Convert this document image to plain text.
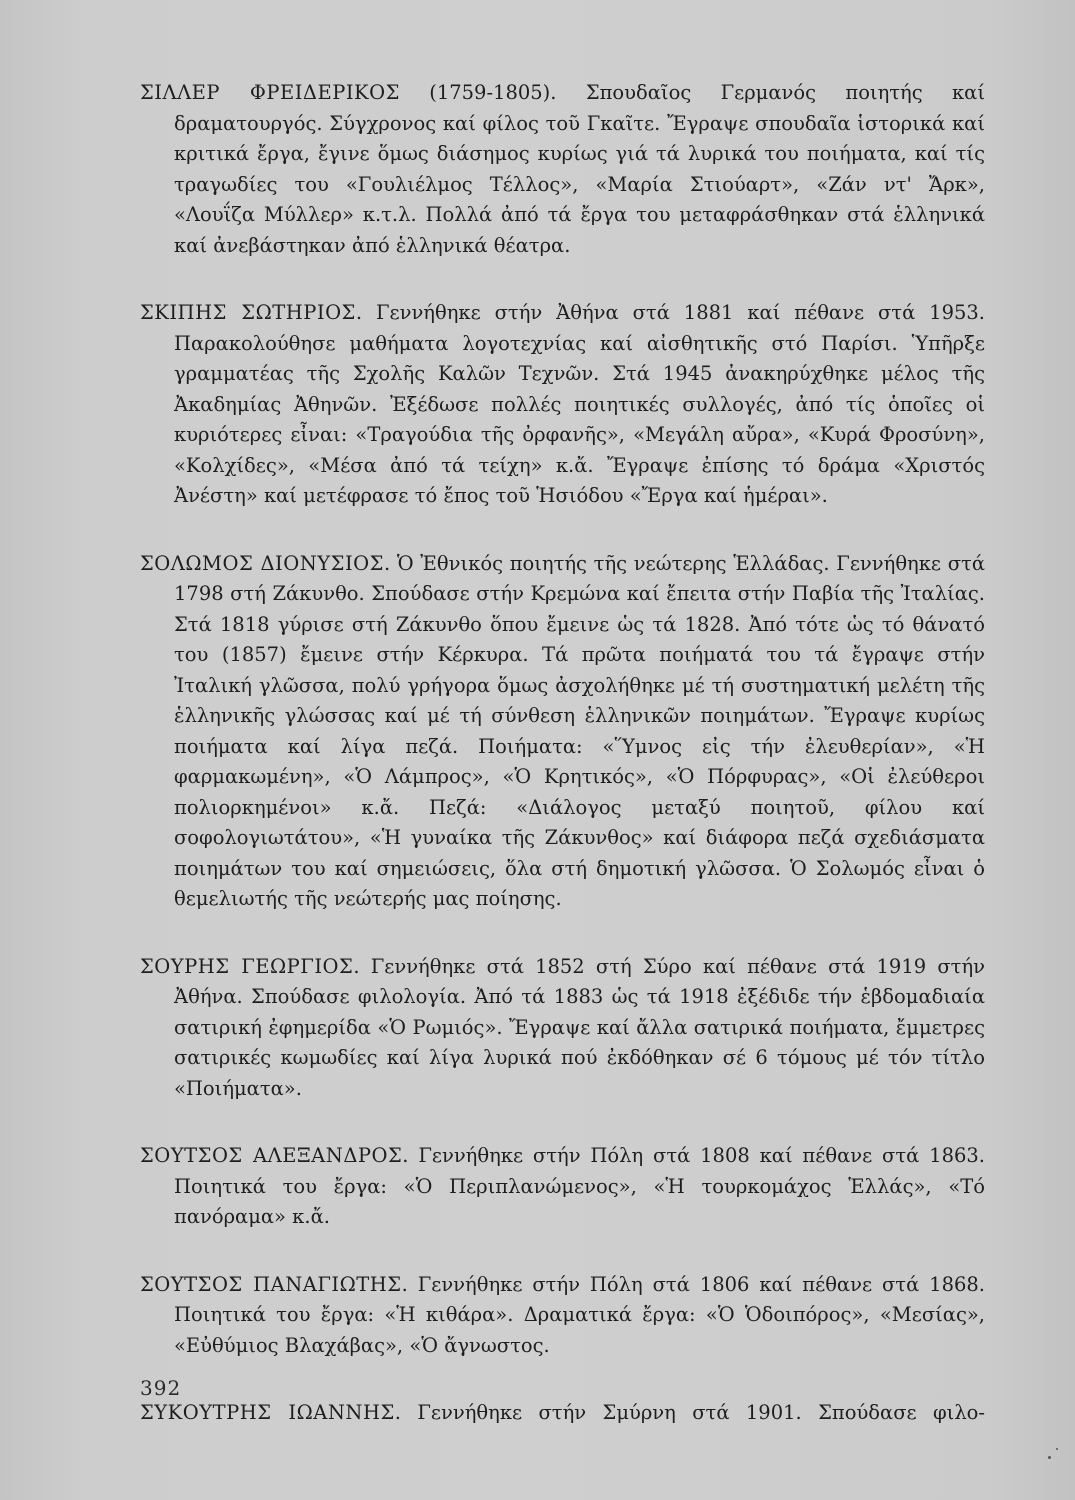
ΣΙΛΛΕΡ ΦΡΕΙΔΕΡΙΚΟΣ (1759-1805). Σπουδαῖος Γερμανός ποιητής καί δραματουργός. Σύγχρονος καί φίλος τοῦ Γκαῖτε. Ἔγραψε σπουδαῖα ἱστορικά καί κριτικά ἔργα, ἔγινε ὅμως διάσημος κυρίως γιά τά λυρικά του ποιήματα, καί τίς τραγωδίες του «Γουλιέλμος Τέλλος», «Μαρία Στιούαρτ», «Ζάν ντ' Ἄρκ», «Λουΐζα Μύλλερ» κ.τ.λ. Πολλά ἀπό τά ἔργα του μεταφράσθηκαν στά ἑλληνικά καί ἀνεβάστηκαν ἀπό ἑλληνικά θέατρα.

ΣΚΙΠΗΣ ΣΩΤΗΡΙΟΣ. Γεννήθηκε στήν Ἀθήνα στά 1881 καί πέθανε στά 1953. Παρακολούθησε μαθήματα λογοτεχνίας καί αἰσθητικῆς στό Παρίσι. Ὑπῆρξε γραμματέας τῆς Σχολῆς Καλῶν Τεχνῶν. Στά 1945 ἀνακηρύχθηκε μέλος τῆς Ἀκαδημίας Ἀθηνῶν. Ἐξέδωσε πολλές ποιητικές συλλογές, ἀπό τίς ὁποῖες οἱ κυριότερες εἶναι: «Τραγούδια τῆς ὀρφανῆς», «Μεγάλη αὔρα», «Κυρά Φροσύνη», «Κολχίδες», «Μέσα ἀπό τά τείχη» κ.ἄ. Ἔγραψε ἐπίσης τό δράμα «Χριστός Ἀνέστη» καί μετέφρασε τό ἔπος τοῦ Ἡσιόδου «Ἔργα καί ἡμέραι».

ΣΟΛΩΜΟΣ ΔΙΟΝΥΣΙΟΣ. Ὁ Ἐθνικός ποιητής τῆς νεώτερης Ἑλλάδας. Γεννήθηκε στά 1798 στή Ζάκυνθο. Σπούδασε στήν Κρεμώνα καί ἔπειτα στήν Παβία τῆς Ἰταλίας. Στά 1818 γύρισε στή Ζάκυνθο ὅπου ἔμεινε ὡς τά 1828. Ἀπό τότε ὡς τό θάνατό του (1857) ἔμεινε στήν Κέρκυρα. Τά πρῶτα ποιήματά του τά ἔγραψε στήν Ἰταλική γλῶσσα, πολύ γρήγορα ὅμως ἀσχολήθηκε μέ τή συστηματική μελέτη τῆς ἑλληνικῆς γλώσσας καί μέ τή σύνθεση ἑλληνικῶν ποιημάτων. Ἔγραψε κυρίως ποιήματα καί λίγα πεζά. Ποιήματα: «Ὕμνος εἰς τήν ἐλευθερίαν», «Ἡ φαρμακωμένη», «Ὁ Λάμπρος», «Ὁ Κρητικός», «Ὁ Πόρφυρας», «Οἱ ἐλεύθεροι πολιορκημένοι» κ.ἄ. Πεζά: «Διάλογος μεταξύ ποιητοῦ, φίλου καί σοφολογιωτάτου», «Ἡ γυναίκα τῆς Ζάκυνθος» καί διάφορα πεζά σχεδιάσματα ποιημάτων του καί σημειώσεις, ὅλα στή δημοτική γλῶσσα. Ὁ Σολωμός εἶναι ὁ θεμελιωτής τῆς νεώτερής μας ποίησης.

ΣΟΥΡΗΣ ΓΕΩΡΓΙΟΣ. Γεννήθηκε στά 1852 στή Σύρο καί πέθανε στά 1919 στήν Ἀθήνα. Σπούδασε φιλολογία. Ἀπό τά 1883 ὡς τά 1918 ἐξέδιδε τήν ἑβδομαδιαία σατιρική ἐφημερίδα «Ὁ Ρωμιός». Ἔγραψε καί ἄλλα σατιρικά ποιήματα, ἔμμετρες σατιρικές κωμωδίες καί λίγα λυρικά πού ἐκδόθηκαν σέ 6 τόμους μέ τόν τίτλο «Ποιήματα».

ΣΟΥΤΣΟΣ ΑΛΕΞΑΝΔΡΟΣ. Γεννήθηκε στήν Πόλη στά 1808 καί πέθανε στά 1863. Ποιητικά του ἔργα: «Ὁ Περιπλανώμενος», «Ἡ τουρκομάχος Ἑλλάς», «Τό πανόραμα» κ.ἄ.

ΣΟΥΤΣΟΣ ΠΑΝΑΓΙΩΤΗΣ. Γεννήθηκε στήν Πόλη στά 1806 καί πέθανε στά 1868. Ποιητικά του ἔργα: «Ἡ κιθάρα». Δραματικά ἔργα: «Ὁ Ὁδοιπόρος», «Μεσίας», «Εὐθύμιος Βλαχάβας», «Ὁ ἄγνωστος.

ΣΥΚΟΥΤΡΗΣ ΙΩΑΝΝΗΣ. Γεννήθηκε στήν Σμύρνη στά 1901. Σπούδασε φιλο-

392
